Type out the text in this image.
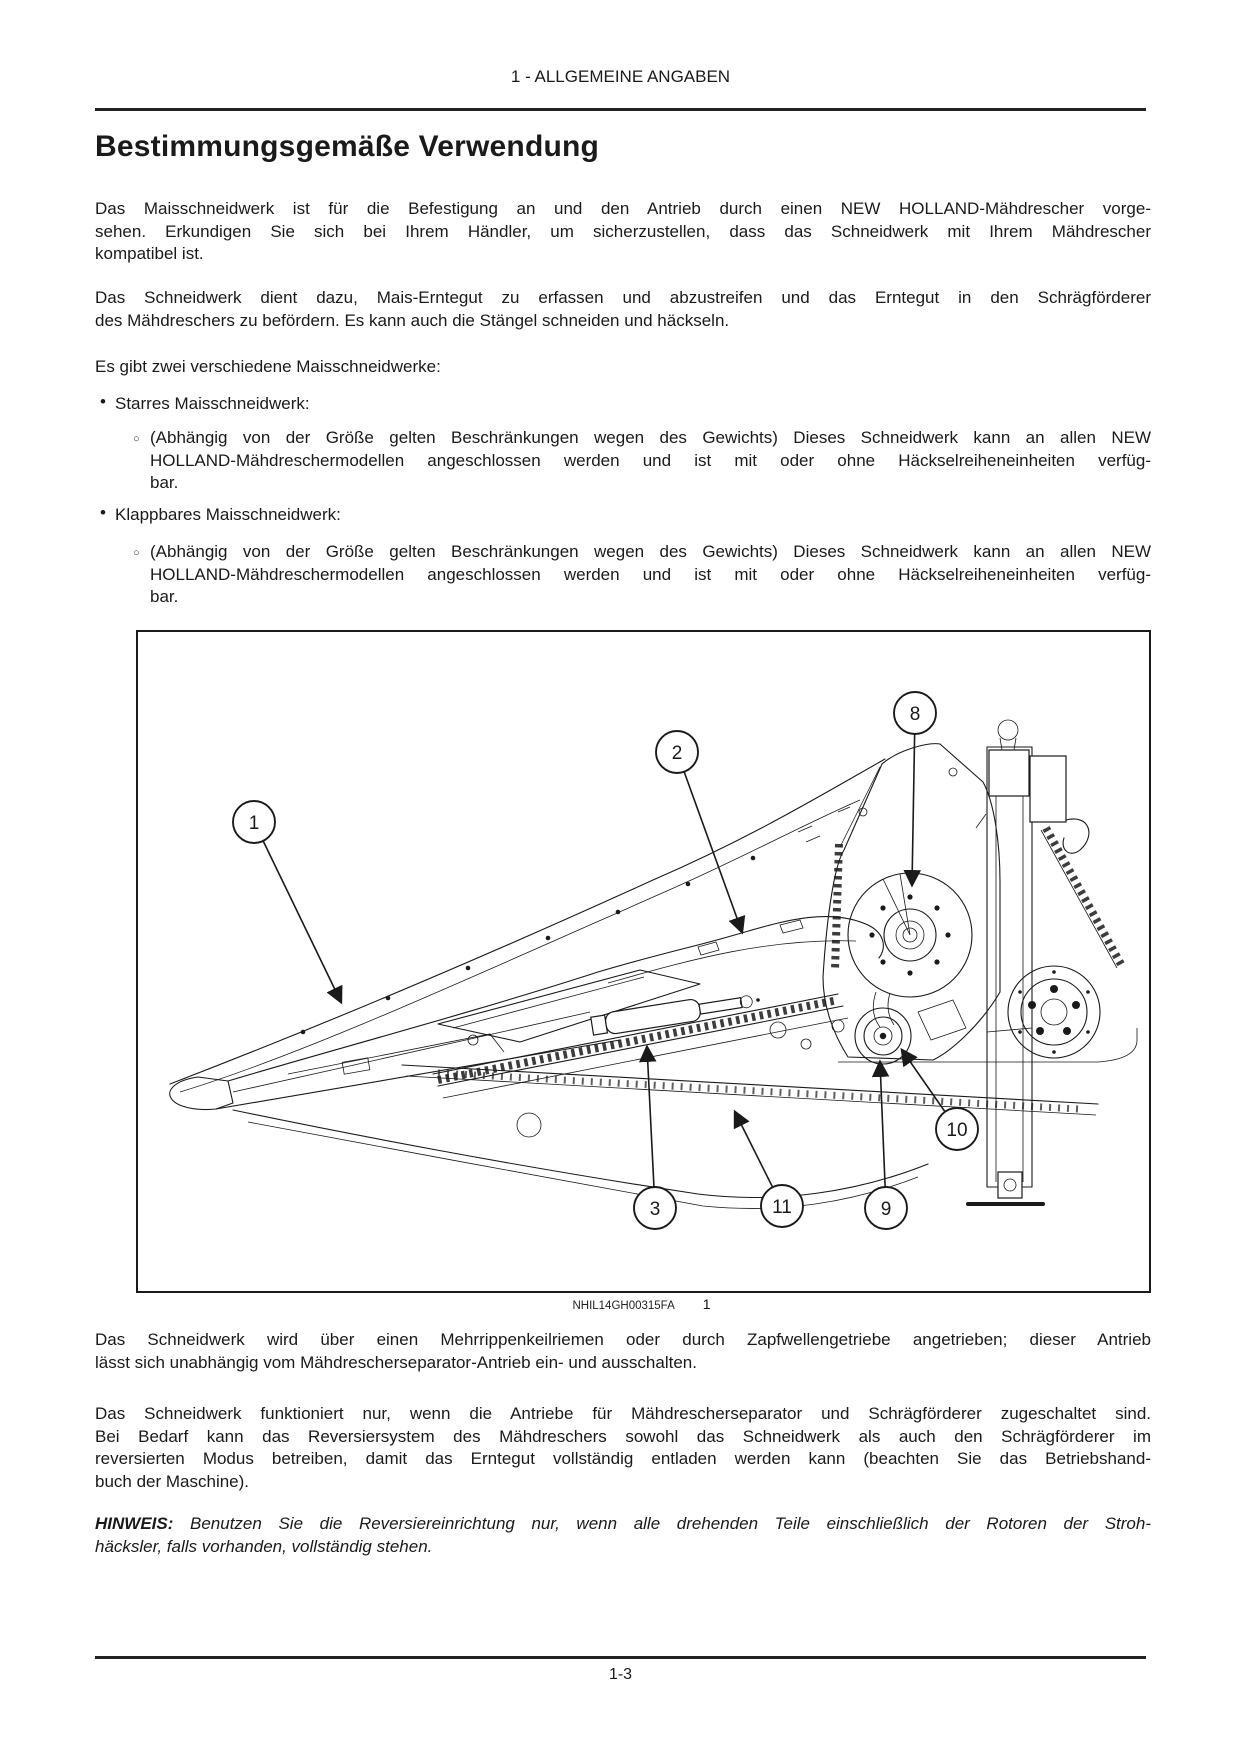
1 - ALLGEMEINE ANGABEN
Bestimmungsgemäße Verwendung
Das Maisschneidwerk ist für die Befestigung an und den Antrieb durch einen NEW HOLLAND-Mähdrescher vorge-
sehen. Erkundigen Sie sich bei Ihrem Händler, um sicherzustellen, dass das Schneidwerk mit Ihrem Mähdrescher
kompatibel ist.
Das Schneidwerk dient dazu, Mais-Erntegut zu erfassen und abzustreifen und das Erntegut in den Schrägförderer
des Mähdreschers zu befördern. Es kann auch die Stängel schneiden und häckseln.
Es gibt zwei verschiedene Maisschneidwerke:
• Starres Maisschneidwerk:
○ (Abhängig von der Größe gelten Beschränkungen wegen des Gewichts) Dieses Schneidwerk kann an allen NEW
HOLLAND-Mähdreschermodellen angeschlossen werden und ist mit oder ohne Häckselreiheneinheiten verfüg-
bar.
• Klappbares Maisschneidwerk:
○ (Abhängig von der Größe gelten Beschränkungen wegen des Gewichts) Dieses Schneidwerk kann an allen NEW
HOLLAND-Mähdreschermodellen angeschlossen werden und ist mit oder ohne Häckselreiheneinheiten verfüg-
bar.
1
2
8
3	11	9
10
NHIL14GH00315FA 1
Das Schneidwerk wird über einen Mehrrippenkeilriemen oder durch Zapfwellengetriebe angetrieben; dieser Antrieb
lässt sich unabhängig vom Mähdrescherseparator-Antrieb ein- und ausschalten.
Das Schneidwerk funktioniert nur, wenn die Antriebe für Mähdrescherseparator und Schrägförderer zugeschaltet sind.
Bei Bedarf kann das Reversiersystem des Mähdreschers sowohl das Schneidwerk als auch den Schrägförderer im
reversierten Modus betreiben, damit das Erntegut vollständig entladen werden kann (beachten Sie das Betriebshand-
buch der Maschine).
HINWEIS: Benutzen Sie die Reversiereinrichtung nur, wenn alle drehenden Teile einschließlich der Rotoren der Stroh-
häcksler, falls vorhanden, vollständig stehen.
1-3
